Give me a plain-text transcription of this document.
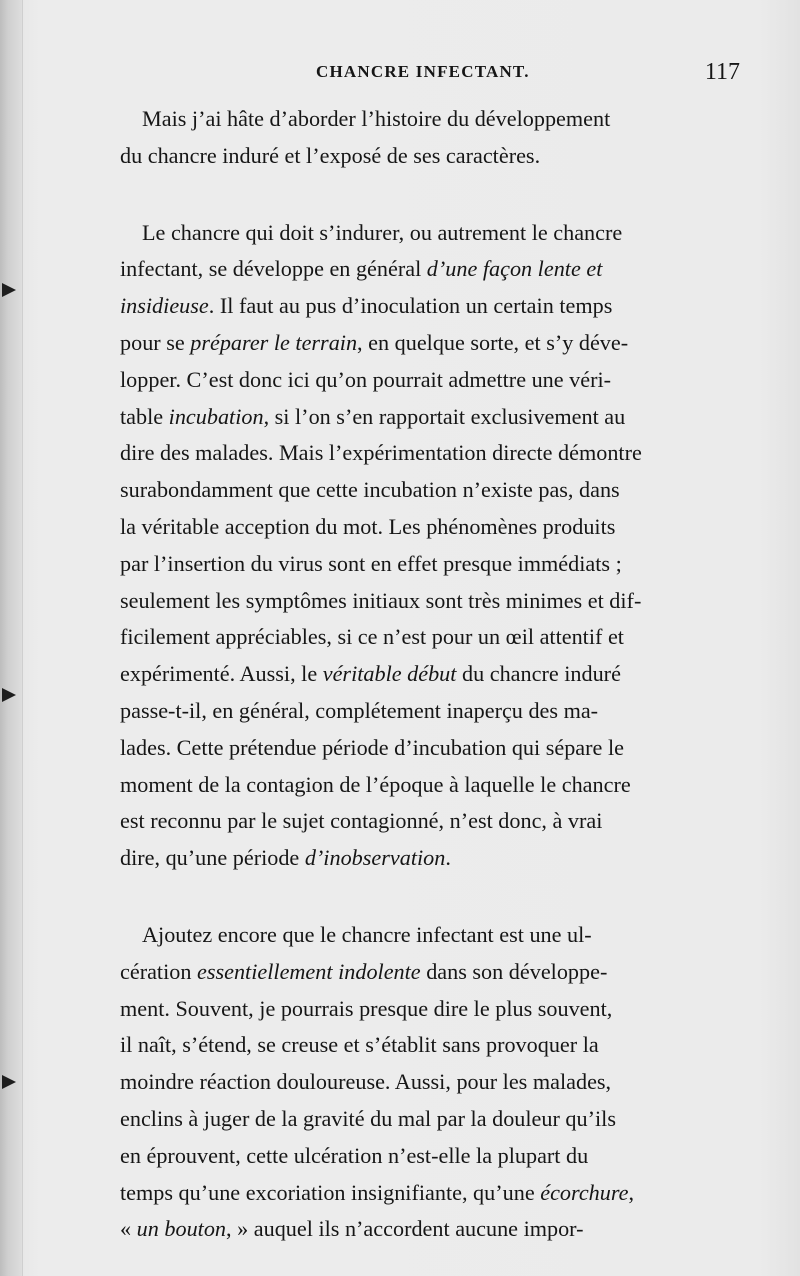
CHANCRE INFECTANT.	117

Mais j’ai hâte d’aborder l’histoire du développement
du chancre induré et l’exposé de ses caractères.

Le chancre qui doit s’indurer, ou autrement le chancre
infectant, se développe en général d’une façon lente et
insidieuse. Il faut au pus d’inoculation un certain temps
pour se préparer le terrain, en quelque sorte, et s’y déve-
lopper. C’est donc ici qu’on pourrait admettre une véri-
table incubation, si l’on s’en rapportait exclusivement au
dire des malades. Mais l’expérimentation directe démontre
surabondamment que cette incubation n’existe pas, dans
la véritable acception du mot. Les phénomènes produits
par l’insertion du virus sont en effet presque immédiats ;
seulement les symptômes initiaux sont très minimes et dif-
ficilement appréciables, si ce n’est pour un œil attentif et
expérimenté. Aussi, le véritable début du chancre induré
passe-t-il, en général, complétement inaperçu des ma-
lades. Cette prétendue période d’incubation qui sépare le
moment de la contagion de l’époque à laquelle le chancre
est reconnu par le sujet contagionné, n’est donc, à vrai
dire, qu’une période d’inobservation.

Ajoutez encore que le chancre infectant est une ul-
cération essentiellement indolente dans son développe-
ment. Souvent, je pourrais presque dire le plus souvent,
il naît, s’étend, se creuse et s’établit sans provoquer la
moindre réaction douloureuse. Aussi, pour les malades,
enclins à juger de la gravité du mal par la douleur qu’ils
en éprouvent, cette ulcération n’est-elle la plupart du
temps qu’une excoriation insignifiante, qu’une écorchure,
« un bouton, » auquel ils n’accordent aucune impor-
